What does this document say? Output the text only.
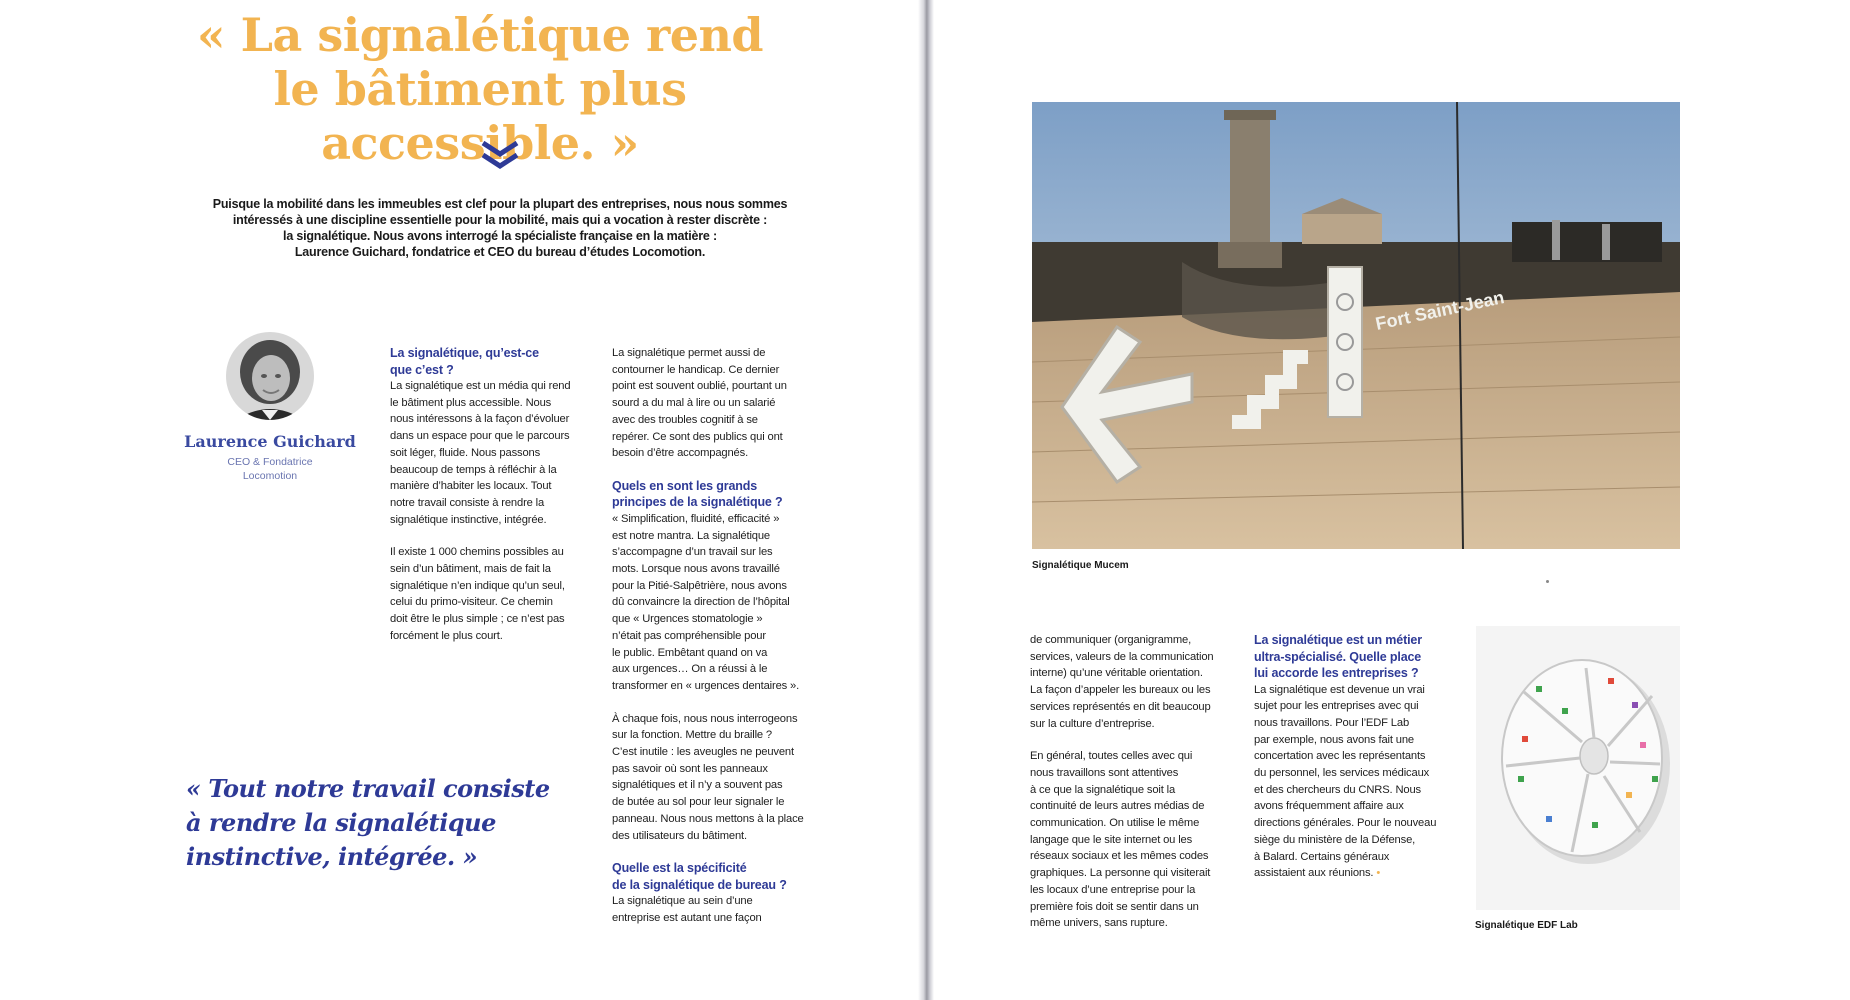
« La signalétique rend
le bâtiment plus accessible. »

Puisque la mobilité dans les immeubles est clef pour la plupart des entreprises, nous nous sommes
intéressés à une discipline essentielle pour la mobilité, mais qui a vocation à rester discrète :
la signalétique. Nous avons interrogé la spécialiste française en la matière :
Laurence Guichard, fondatrice et CEO du bureau d’études Locomotion.

Laurence Guichard

CEO & Fondatrice
Locomotion

La signalétique, qu’est-ce
que c’est ?

La signalétique est un média qui rend
le bâtiment plus accessible. Nous
nous intéressons à la façon d’évoluer
dans un espace pour que le parcours
soit léger, fluide. Nous passons
beaucoup de temps à réfléchir à la
manière d’habiter les locaux. Tout
notre travail consiste à rendre la
signalétique instinctive, intégrée.

Il existe 1 000 chemins possibles au
sein d’un bâtiment, mais de fait la
signalétique n’en indique qu’un seul,
celui du primo-visiteur. Ce chemin
doit être le plus simple ; ce n’est pas
forcément le plus court.

La signalétique permet aussi de
contourner le handicap. Ce dernier
point est souvent oublié, pourtant un
sourd a du mal à lire ou un salarié
avec des troubles cognitif à se
repérer. Ce sont des publics qui ont
besoin d’être accompagnés.

Quels en sont les grands
principes de la signalétique ?

« Simplification, fluidité, efficacité »
est notre mantra. La signalétique
s’accompagne d’un travail sur les
mots. Lorsque nous avons travaillé
pour la Pitié-Salpêtrière, nous avons
dû convaincre la direction de l’hôpital
que « Urgences stomatologie »
n’était pas compréhensible pour
le public. Embêtant quand on va
aux urgences… On a réussi à le
transformer en « urgences dentaires ».

À chaque fois, nous nous interrogeons
sur la fonction. Mettre du braille ?
C’est inutile : les aveugles ne peuvent
pas savoir où sont les panneaux
signalétiques et il n’y a souvent pas
de butée au sol pour leur signaler le
panneau. Nous nous mettons à la place
des utilisateurs du bâtiment.

Quelle est la spécificité
de la signalétique de bureau ?

La signalétique au sein d’une
entreprise est autant une façon

« Tout notre travail consiste
à rendre la signalétique
instinctive, intégrée. »

Fort Saint-Jean

Signalétique Mucem

de communiquer (organigramme,
services, valeurs de la communication
interne) qu’une véritable orientation.
La façon d’appeler les bureaux ou les
services représentés en dit beaucoup
sur la culture d’entreprise.

En général, toutes celles avec qui
nous travaillons sont attentives
à ce que la signalétique soit la
continuité de leurs autres médias de
communication. On utilise le même
langage que le site internet ou les
réseaux sociaux et les mêmes codes
graphiques. La personne qui visiterait
les locaux d’une entreprise pour la
première fois doit se sentir dans un
même univers, sans rupture.

La signalétique est un métier
ultra-spécialisé. Quelle place
lui accorde les entreprises ?

La signalétique est devenue un vrai
sujet pour les entreprises avec qui
nous travaillons. Pour l’EDF Lab
par exemple, nous avons fait une
concertation avec les représentants
du personnel, les services médicaux
et des chercheurs du CNRS. Nous
avons fréquemment affaire aux
directions générales. Pour le nouveau
siège du ministère de la Défense,
à Balard. Certains généraux
assistaient aux réunions. •

Signalétique EDF Lab
